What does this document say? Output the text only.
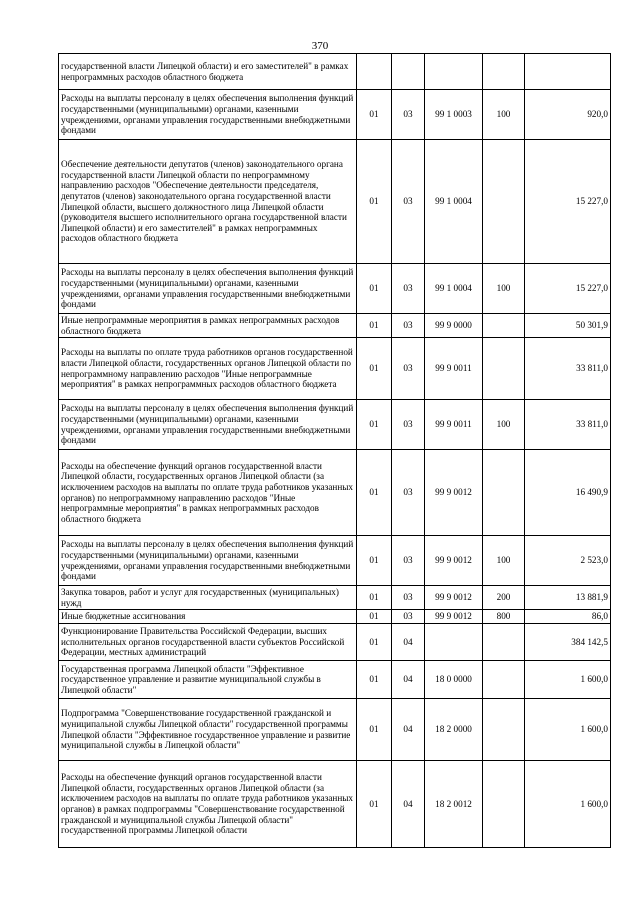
370
государственной власти Липецкой области) и его заместителей" в рамках непрограммных расходов областного бюджета					
Расходы на выплаты персоналу в целях обеспечения выполнения функций государственными (муниципальными) органами, казенными учреждениями, органами управления государственными внебюджетными фондами	01	03	99 1 0003	100	920,0
Обеспечение деятельности депутатов (членов) законодательного органа государственной власти Липецкой области по непрограммному направлению расходов "Обеспечение деятельности председателя, депутатов (членов) законодательного органа государственной власти Липецкой области, высшего должностного лица Липецкой области (руководителя высшего исполнительного органа государственной власти Липецкой области) и его заместителей" в рамках непрограммных расходов областного бюджета	01	03	99 1 0004		15 227,0
Расходы на выплаты персоналу в целях обеспечения выполнения функций государственными (муниципальными) органами, казенными учреждениями, органами управления государственными внебюджетными фондами	01	03	99 1 0004	100	15 227,0
Иные непрограммные мероприятия в рамках непрограммных расходов областного бюджета	01	03	99 9 0000		50 301,9
Расходы на выплаты по оплате труда работников органов государственной власти Липецкой области, государственных органов Липецкой области по непрограммному направлению расходов "Иные непрограммные мероприятия" в рамках непрограммных расходов областного бюджета	01	03	99 9 0011		33 811,0
Расходы на выплаты персоналу в целях обеспечения выполнения функций государственными (муниципальными) органами, казенными учреждениями, органами управления государственными внебюджетными фондами	01	03	99 9 0011	100	33 811,0
Расходы на обеспечение функций органов государственной власти Липецкой области, государственных органов Липецкой области (за исключением расходов на выплаты по оплате труда работников указанных органов) по непрограммному направлению расходов "Иные непрограммные мероприятия" в рамках непрограммных расходов областного бюджета	01	03	99 9 0012		16 490,9
Расходы на выплаты персоналу в целях обеспечения выполнения функций государственными (муниципальными) органами, казенными учреждениями, органами управления государственными внебюджетными фондами	01	03	99 9 0012	100	2 523,0
Закупка товаров, работ и услуг для государственных (муниципальных) нужд	01	03	99 9 0012	200	13 881,9
Иные бюджетные ассигнования	01	03	99 9 0012	800	86,0
Функционирование Правительства Российской Федерации, высших исполнительных органов государственной власти субъектов Российской Федерации, местных администраций	01	04			384 142,5
Государственная программа Липецкой области "Эффективное государственное управление и развитие муниципальной службы в Липецкой области"	01	04	18 0 0000		1 600,0
Подпрограмма "Совершенствование государственной гражданской и муниципальной службы Липецкой области" государственной программы Липецкой области "Эффективное государственное управление и развитие муниципальной службы в Липецкой области"	01	04	18 2 0000		1 600,0
Расходы на обеспечение функций органов государственной власти Липецкой области, государственных органов Липецкой области (за исключением расходов на выплаты по оплате труда работников указанных органов) в рамках подпрограммы "Совершенствование государственной гражданской и муниципальной службы Липецкой области" государственной программы Липецкой области	01	04	18 2 0012		1 600,0
